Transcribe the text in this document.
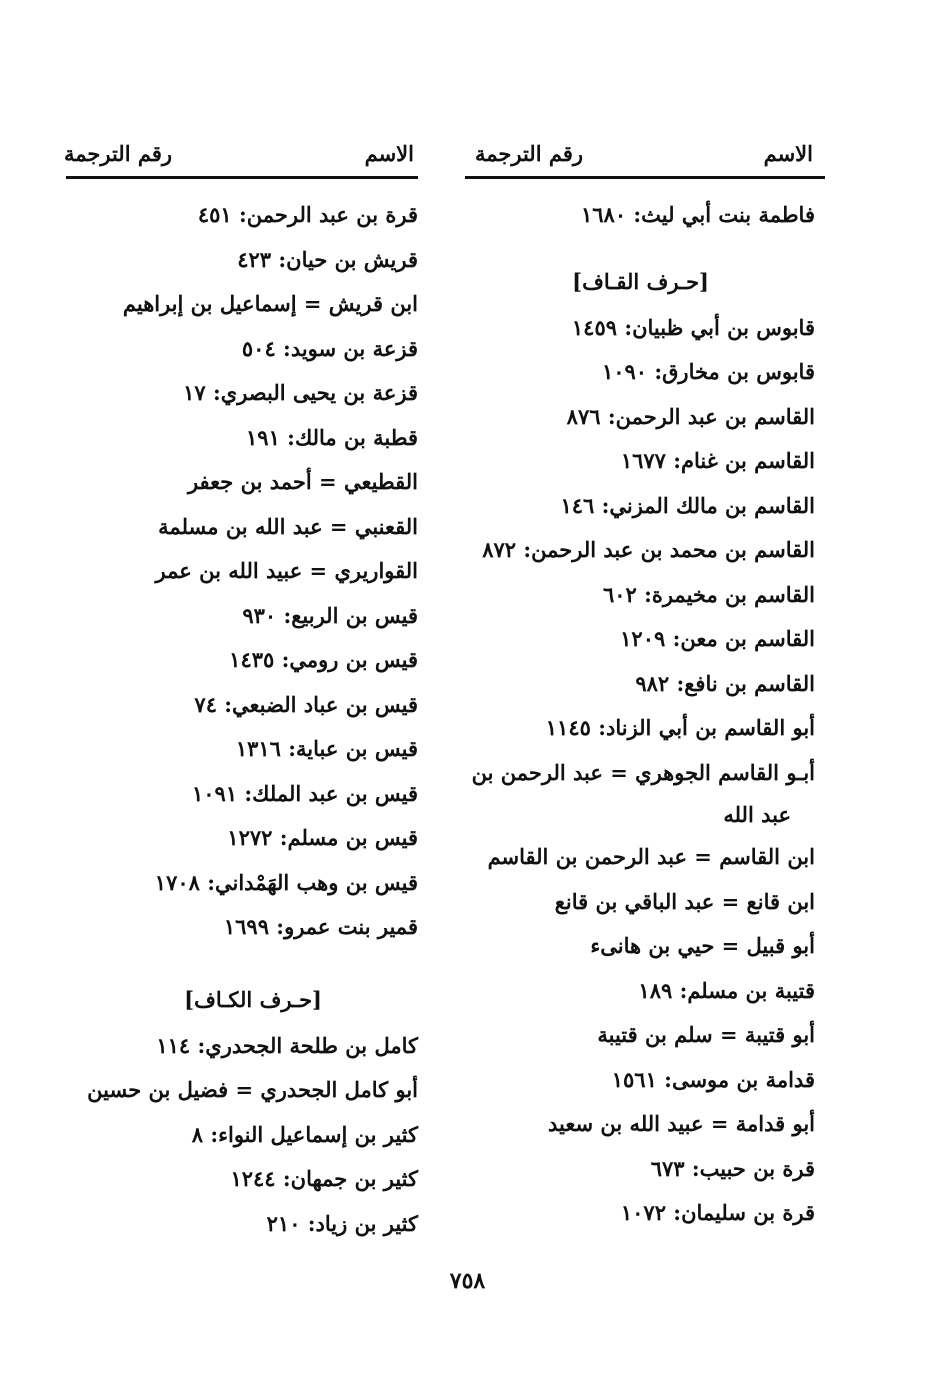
الاسم
رقم الترجمة
فاطمة بنت أبي ليث: ١٦٨٠
[حـرف القـاف]
قابوس بن أبي ظبيان: ١٤٥٩
قابوس بن مخارق: ١٠٩٠
القاسم بن عبد الرحمن: ٨٧٦
القاسم بن غنام: ١٦٧٧
القاسم بن مالك المزني: ١٤٦
القاسم بن محمد بن عبد الرحمن: ٨٧٢
القاسم بن مخيمرة: ٦٠٢
القاسم بن معن: ١٢٠٩
القاسم بن نافع: ٩٨٢
أبو القاسم بن أبي الزناد: ١١٤٥
أبـو القاسم الجوهري = عبد الرحمن بن
عبد الله
ابن القاسم = عبد الرحمن بن القاسم
ابن قانع = عبد الباقي بن قانع
أبو قبيل = حيي بن هانىء
قتيبة بن مسلم: ١٨٩
أبو قتيبة = سلم بن قتيبة
قدامة بن موسى: ١٥٦١
أبو قدامة = عبيد الله بن سعيد
قرة بن حبيب: ٦٧٣
قرة بن سليمان: ١٠٧٢
الاسم
رقم الترجمة
قرة بن عبد الرحمن: ٤٥١
قريش بن حيان: ٤٢٣
ابن قريش = إسماعيل بن إبراهيم
قزعة بن سويد: ٥٠٤
قزعة بن يحيى البصري: ١٧
قطبة بن مالك: ١٩١
القطيعي = أحمد بن جعفر
القعنبي = عبد الله بن مسلمة
القواريري = عبيد الله بن عمر
قيس بن الربيع: ٩٣٠
قيس بن رومي: ١٤٣٥
قيس بن عباد الضبعي: ٧٤
قيس بن عباية: ١٣١٦
قيس بن عبد الملك: ١٠٩١
قيس بن مسلم: ١٢٧٢
قيس بن وهب الهَمْداني: ١٧٠٨
قمير بنت عمرو: ١٦٩٩
[حـرف الكـاف]
كامل بن طلحة الجحدري: ١١٤
أبو كامل الجحدري = فضيل بن حسين
كثير بن إسماعيل النواء: ٨
كثير بن جمهان: ١٢٤٤
كثير بن زياد: ٢١٠
٧٥٨
